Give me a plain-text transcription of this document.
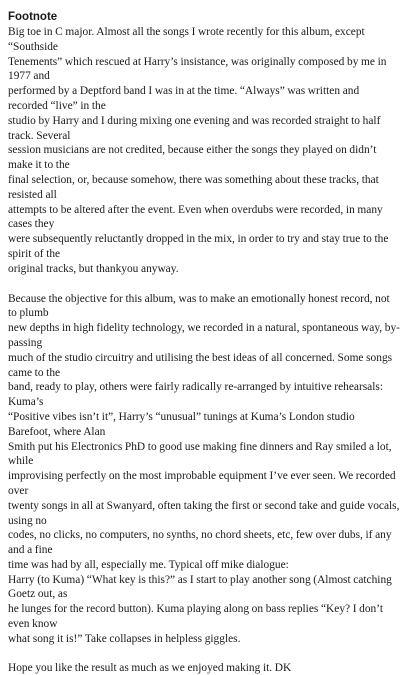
Footnote

Big toe in C major. Almost all the songs I wrote recently for this album, except “Southside
Tenements” which rescued at Harry’s insistance, was originally composed by me in 1977 and
performed by a Deptford band I was in at the time. “Always” was written and recorded “live” in the
studio by Harry and I during mixing one evening and was recorded straight to half track. Several
session musicians are not credited, because either the songs they played on didn’t make it to the
final selection, or, because somehow, there was something about these tracks, that resisted all
attempts to be altered after the event. Even when overdubs were recorded, in many cases they
were subsequently reluctantly dropped in the mix, in order to try and stay true to the spirit of the
original tracks, but thankyou anyway.

Because the objective for this album, was to make an emotionally honest record, not to plumb
new depths in high fidelity technology, we recorded in a natural, spontaneous way, by-passing
much of the studio circuitry and utilising the best ideas of all concerned. Some songs came to the
band, ready to play, others were fairly radically re-arranged by intuitive rehearsals: Kuma’s
“Positive vibes isn’t it”, Harry’s “unusual” tunings at Kuma’s London studio Barefoot, where Alan
Smith put his Electronics PhD to good use making fine dinners and Ray smiled a lot, while
improvising perfectly on the most improbable equipment I’ve ever seen. We recorded over
twenty songs in all at Swanyard, often taking the first or second take and guide vocals, using no
codes, no clicks, no computers, no synths, no chord sheets, etc, few over dubs, if any and a fine
time was had by all, especially me. Typical off mike dialogue:
Harry (to Kuma) “What key is this?” as I start to play another song (Almost catching Goetz out, as
he lunges for the record button). Kuma playing along on bass replies “Key? I don’t even know
what song it is!” Take collapses in helpless giggles.

Hope you like the result as much as we enjoyed making it. DK
